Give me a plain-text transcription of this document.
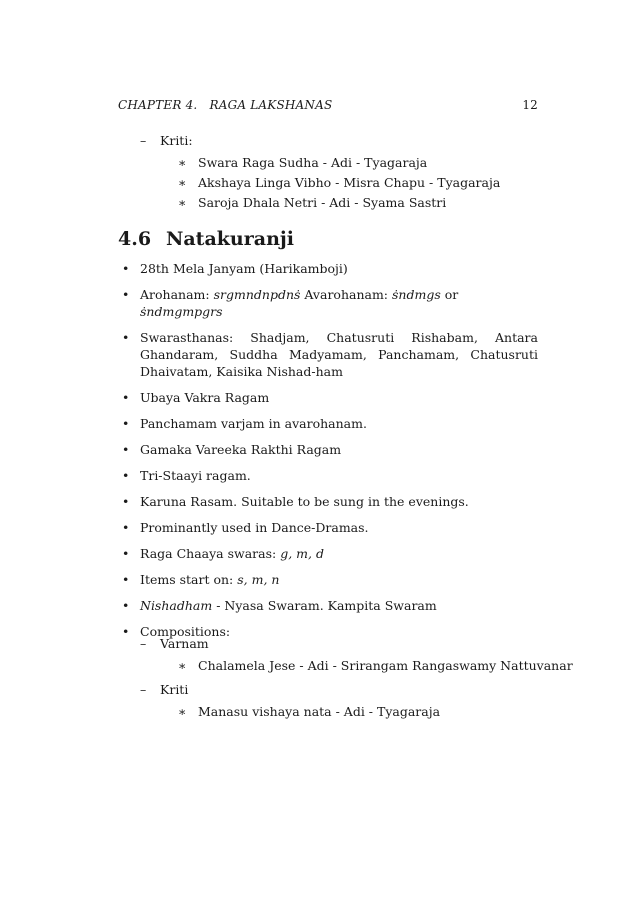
CHAPTER 4.   RAGA LAKSHANAS	12
– Kriti:
∗ Swara Raga Sudha - Adi - Tyagaraja
∗ Akshaya Linga Vibho - Misra Chapu - Tyagaraja
∗ Saroja Dhala Netri - Adi - Syama Sastri
4.6 Natakuranji
• 28th Mela Janyam (Harikamboji)
• Arohanam: srgmndnpdnṡ Avarohanam: ṡndmgs or ṡndmgmpgrs
• Swarasthanas: Shadjam, Chatusruti Rishabam, Antara Ghandaram, Suddha Madyamam, Panchamam, Chatusruti Dhaivatam, Kaisika Nishad-ham
• Ubaya Vakra Ragam
• Panchamam varjam in avarohanam.
• Gamaka Vareeka Rakthi Ragam
• Tri-Staayi ragam.
• Karuna Rasam. Suitable to be sung in the evenings.
• Prominantly used in Dance-Dramas.
• Raga Chaaya swaras: g, m, d
• Items start on: s, m, n
• Nishadham - Nyasa Swaram. Kampita Swaram
• Compositions:
– Varnam
∗ Chalamela Jese - Adi - Srirangam Rangaswamy Nattuvanar
– Kriti
∗ Manasu vishaya nata - Adi - Tyagaraja
